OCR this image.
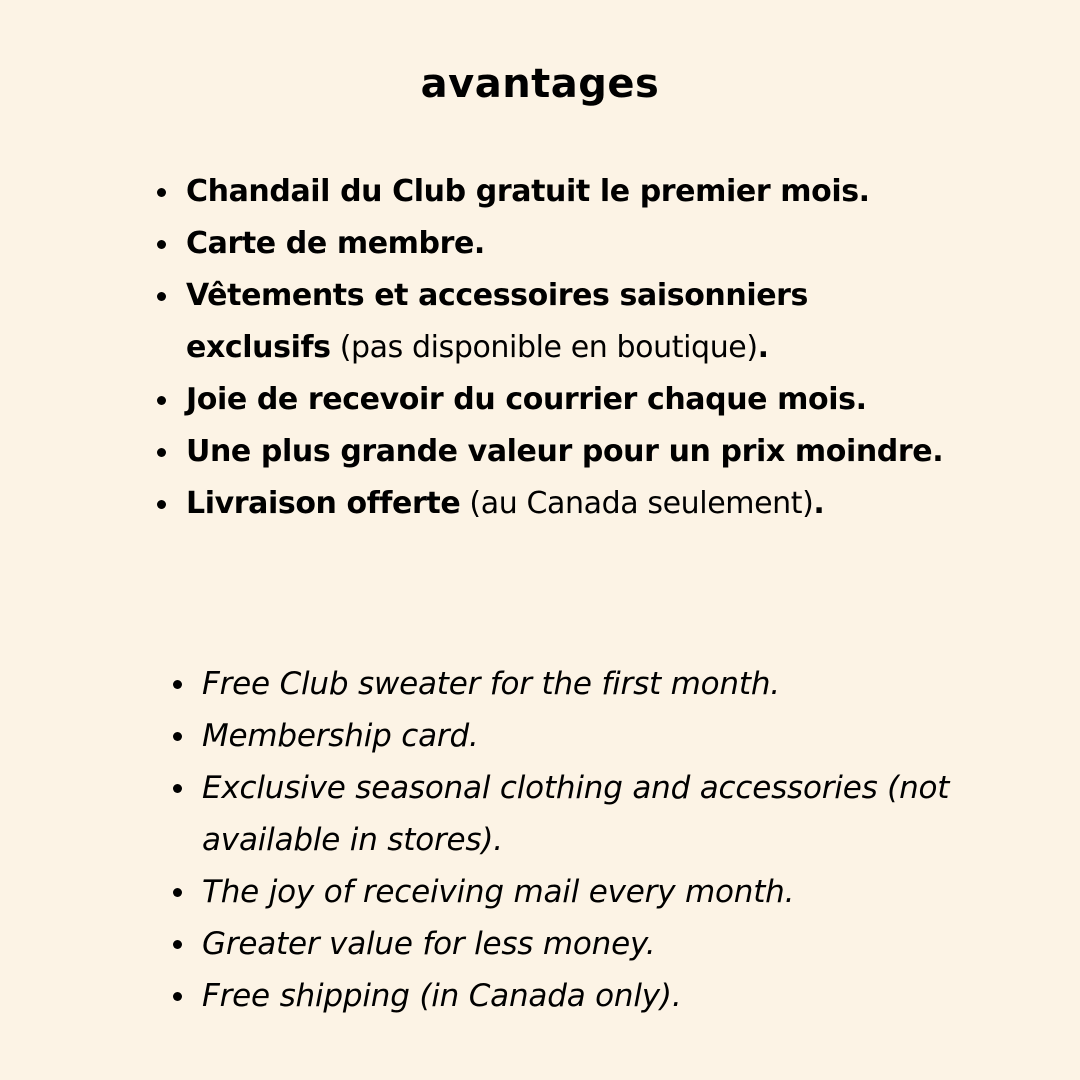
avantages
Chandail du Club gratuit le premier mois.
Carte de membre.
Vêtements et accessoires saisonniers exclusifs (pas disponible en boutique).
Joie de recevoir du courrier chaque mois.
Une plus grande valeur pour un prix moindre.
Livraison offerte (au Canada seulement).
Free Club sweater for the first month.
Membership card.
Exclusive seasonal clothing and accessories (not available in stores).
The joy of receiving mail every month.
Greater value for less money.
Free shipping (in Canada only).
